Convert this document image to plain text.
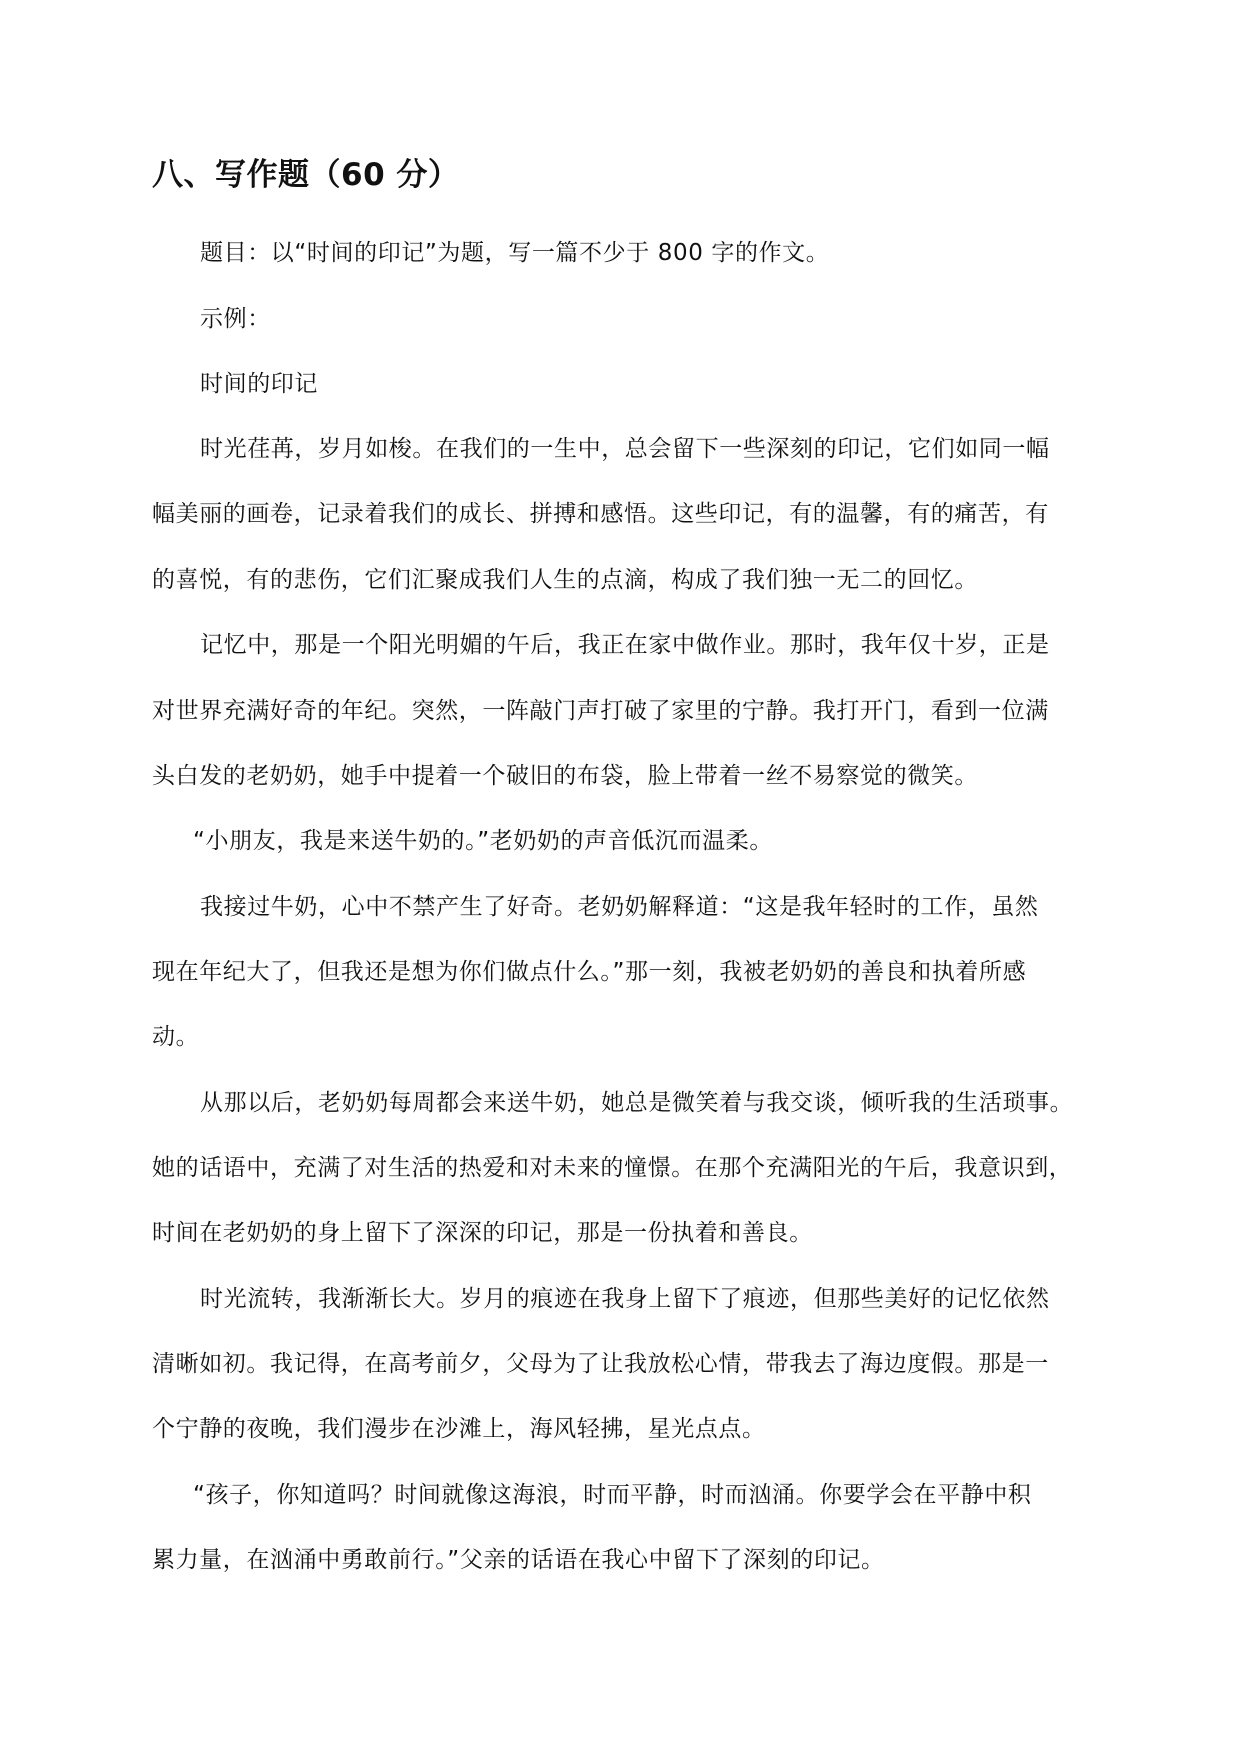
八、写作题（60 分）
题目：以“时间的印记”为题，写一篇不少于 800 字的作文。
示例：
时间的印记
时光荏苒，岁月如梭。在我们的一生中，总会留下一些深刻的印记，它们如同一幅
幅美丽的画卷，记录着我们的成长、拼搏和感悟。这些印记，有的温馨，有的痛苦，有
的喜悦，有的悲伤，它们汇聚成我们人生的点滴，构成了我们独一无二的回忆。
记忆中，那是一个阳光明媚的午后，我正在家中做作业。那时，我年仅十岁，正是
对世界充满好奇的年纪。突然，一阵敲门声打破了家里的宁静。我打开门，看到一位满
头白发的老奶奶，她手中提着一个破旧的布袋，脸上带着一丝不易察觉的微笑。
“小朋友，我是来送牛奶的。”老奶奶的声音低沉而温柔。
我接过牛奶，心中不禁产生了好奇。老奶奶解释道：“这是我年轻时的工作，虽然
现在年纪大了，但我还是想为你们做点什么。”那一刻，我被老奶奶的善良和执着所感
动。
从那以后，老奶奶每周都会来送牛奶，她总是微笑着与我交谈，倾听我的生活琐事。
她的话语中，充满了对生活的热爱和对未来的憧憬。在那个充满阳光的午后，我意识到，
时间在老奶奶的身上留下了深深的印记，那是一份执着和善良。
时光流转，我渐渐长大。岁月的痕迹在我身上留下了痕迹，但那些美好的记忆依然
清晰如初。我记得，在高考前夕，父母为了让我放松心情，带我去了海边度假。那是一
个宁静的夜晚，我们漫步在沙滩上，海风轻拂，星光点点。
“孩子，你知道吗？时间就像这海浪，时而平静，时而汹涌。你要学会在平静中积
累力量，在汹涌中勇敢前行。”父亲的话语在我心中留下了深刻的印记。
